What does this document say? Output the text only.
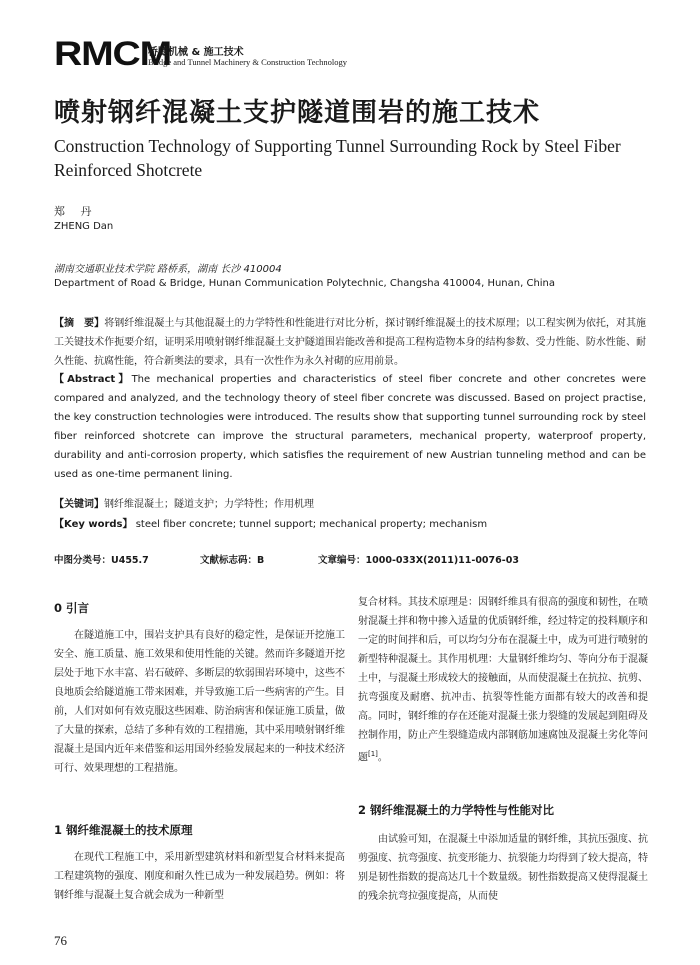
RMCM
桥隧机械 & 施工技术
Bridge and Tunnel Machinery & Construction Technology
喷射钢纤混凝土支护隧道围岩的施工技术
Construction Technology of Supporting Tunnel Surrounding Rock by Steel Fiber Reinforced Shotcrete
郑 丹
ZHENG Dan
湖南交通职业技术学院 路桥系，湖南 长沙 410004
Department of Road & Bridge, Hunan Communication Polytechnic, Changsha 410004, Hunan, China
【摘　要】将钢纤维混凝土与其他混凝土的力学特性和性能进行对比分析，探讨钢纤维混凝土的技术原理；以工程实例为依托，对其施工关键技术作扼要介绍，证明采用喷射钢纤维混凝土支护隧道围岩能改善和提高工程构造物本身的结构参数、受力性能、防水性能、耐久性能、抗腐性能，符合新奥法的要求，具有一次性作为永久衬砌的应用前景。
【Abstract】The mechanical properties and characteristics of steel fiber concrete and other concretes were compared and analyzed, and the technology theory of steel fiber concrete was discussed. Based on project practise, the key construction technologies were introduced. The results show that supporting tunnel surrounding rock by steel fiber reinforced shotcrete can improve the structural parameters, mechanical property, waterproof property, durability and anti-corrosion property, which satisfies the requirement of new Austrian tunneling method and can be used as one-time permanent lining.
【关键词】钢纤维混凝土；隧道支护；力学特性；作用机理
【Key words】 steel fiber concrete; tunnel support; mechanical property; mechanism
中图分类号：U455.7	文献标志码：B	文章编号：1000-033X(2011)11-0076-03
0 引言
在隧道施工中，围岩支护具有良好的稳定性，是保证开挖施工安全、施工质量、施工效果和使用性能的关键。然而许多隧道开挖层处于地下水丰富、岩石破碎、多断层的软弱围岩环境中，这些不良地质会给隧道施工带来困难，并导致施工后一些病害的产生。目前，人们对如何有效克服这些困难、防治病害和保证施工质量，做了大量的探索，总结了多种有效的工程措施，其中采用喷射钢纤维混凝土是国内近年来借鉴和运用国外经验发展起来的一种技术经济可行、效果理想的工程措施。
1 钢纤维混凝土的技术原理
在现代工程施工中，采用新型建筑材料和新型复合材料来提高工程建筑物的强度、刚度和耐久性已成为一种发展趋势。例如：将钢纤维与混凝土复合就会成为一种新型
复合材料。其技术原理是：因钢纤维具有很高的强度和韧性，在喷射混凝土拌和物中掺入适量的优质钢纤维，经过特定的投料顺序和一定的时间拌和后，可以均匀分布在混凝土中，成为可进行喷射的新型特种混凝土。其作用机理：大量钢纤维均匀、等向分布于混凝土中，与混凝土形成较大的接触面，从而使混凝土在抗拉、抗剪、抗弯强度及耐磨、抗冲击、抗裂等性能方面都有较大的改善和提高。同时，钢纤维的存在还能对混凝土张力裂缝的发展起到阻碍及控制作用，防止产生裂缝造成内部钢筋加速腐蚀及混凝土劣化等问题[1]。
2 钢纤维混凝土的力学特性与性能对比
由试验可知，在混凝土中添加适量的钢纤维，其抗压强度、抗剪强度、抗弯强度、抗变形能力、抗裂能力均得到了较大提高，特别是韧性指数的提高达几十个数量级。韧性指数提高又使得混凝土的残余抗弯拉强度提高，从而使
76
